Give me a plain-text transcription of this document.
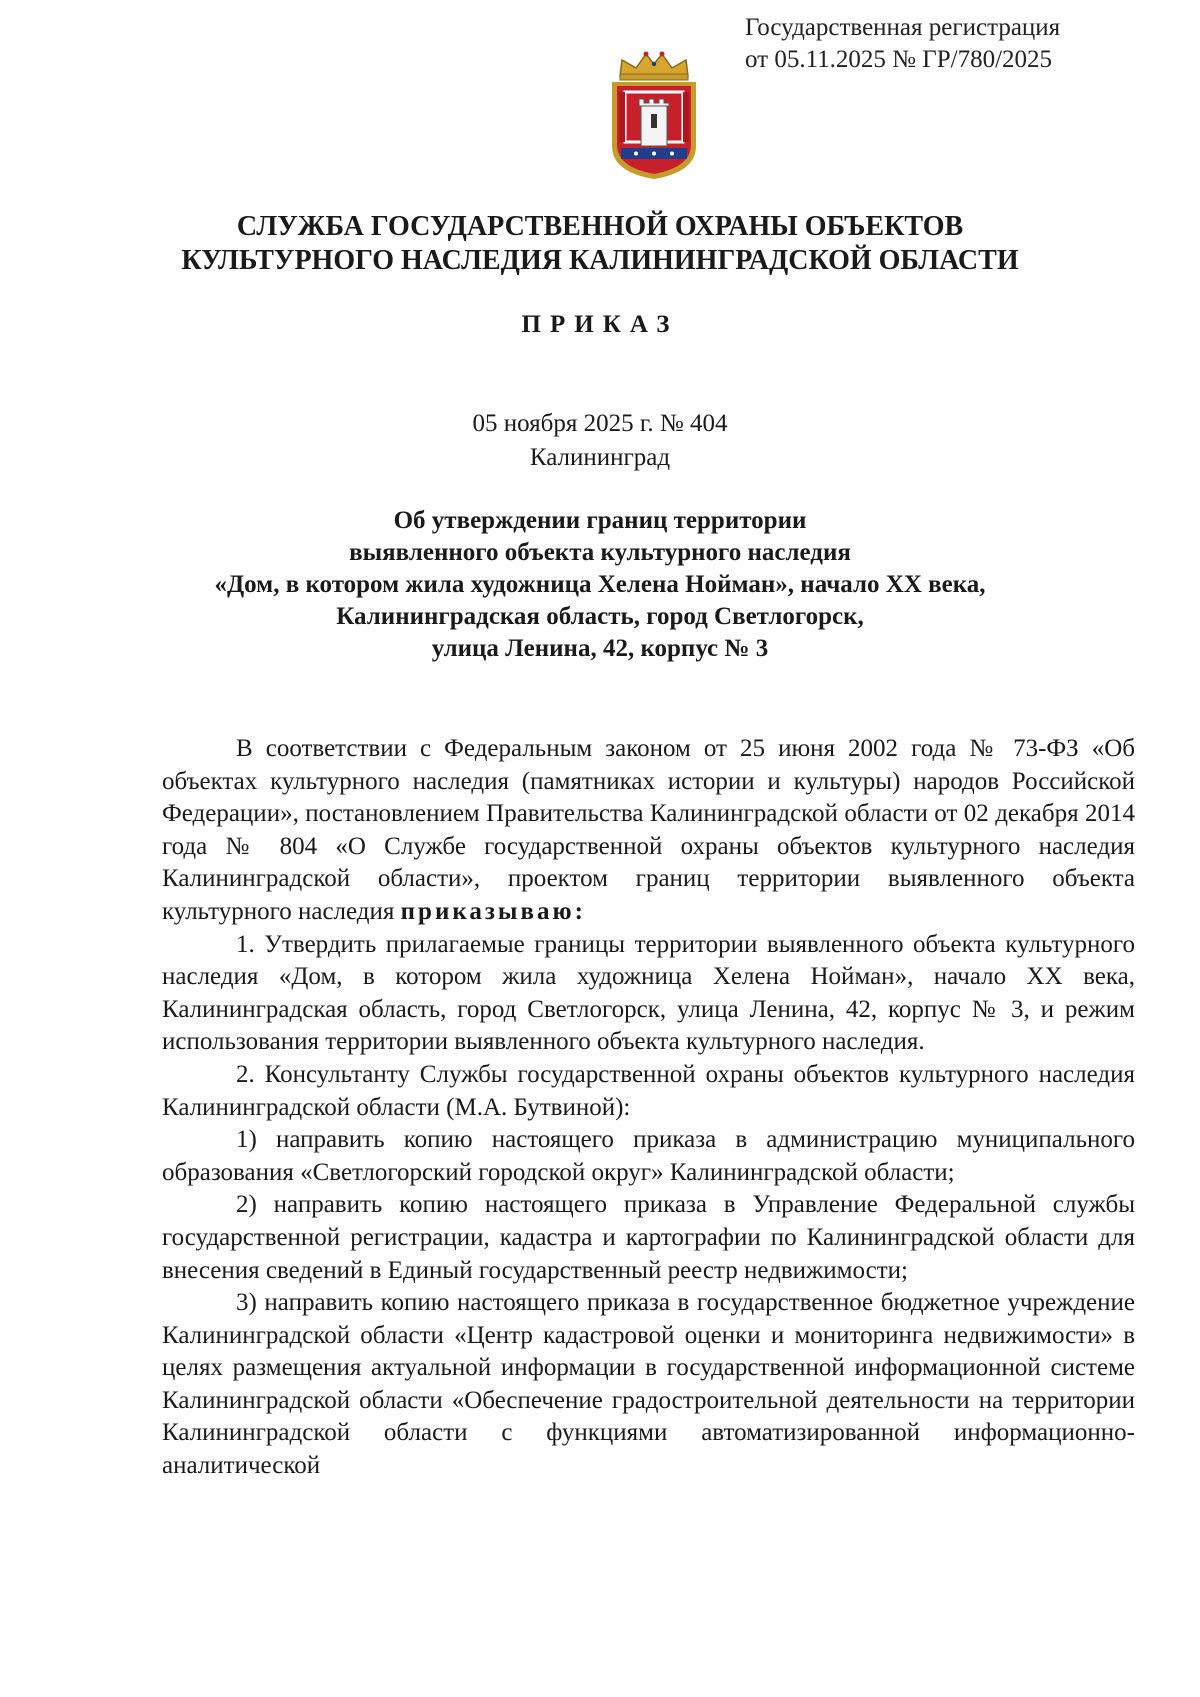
Государственная регистрация
от 05.11.2025 № ГР/780/2025
СЛУЖБА ГОСУДАРСТВЕННОЙ ОХРАНЫ ОБЪЕКТОВ
КУЛЬТУРНОГО НАСЛЕДИЯ КАЛИНИНГРАДСКОЙ ОБЛАСТИ
ПРИКАЗ
05 ноября 2025 г. № 404
Калининград
Об утверждении границ территории
выявленного объекта культурного наследия
«Дом, в котором жила художница Хелена Нойман», начало XX века,
Калининградская область, город Светлогорск,
улица Ленина, 42, корпус № 3

В соответствии с Федеральным законом от 25 июня 2002 года № 73-ФЗ «Об объектах культурного наследия (памятниках истории и культуры) народов Российской Федерации», постановлением Правительства Калининградской области от 02 декабря 2014 года № 804 «О Службе государственной охраны объектов культурного наследия Калининградской области», проектом границ территории выявленного объекта культурного наследия приказываю:

1. Утвердить прилагаемые границы территории выявленного объекта культурного наследия «Дом, в котором жила художница Хелена Нойман», начало XX века, Калининградская область, город Светлогорск, улица Ленина, 42, корпус № 3, и режим использования территории выявленного объекта культурного наследия.

2. Консультанту Службы государственной охраны объектов культурного наследия Калининградской области (М.А. Бутвиной):

1) направить копию настоящего приказа в администрацию муниципального образования «Светлогорский городской округ» Калининградской области;

2) направить копию настоящего приказа в Управление Федеральной службы государственной регистрации, кадастра и картографии по Калининградской области для внесения сведений в Единый государственный реестр недвижимости;

3) направить копию настоящего приказа в государственное бюджетное учреждение Калининградской области «Центр кадастровой оценки и мониторинга недвижимости» в целях размещения актуальной информации в государственной информационной системе Калининградской области «Обеспечение градостроительной деятельности на территории Калининградской области с функциями автоматизированной информационно-аналитической
